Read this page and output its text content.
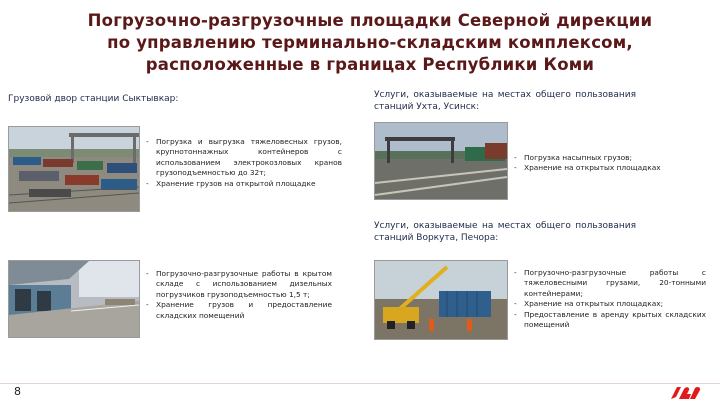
Погрузочно-разгрузочные площадки Северной дирекции
по управлению терминально-складским комплексом,
расположенные в границах Республики Коми
Грузовой двор станции Сыктывкар:
- Погрузка и выгрузка тяжеловесных грузов, крупнотоннажных контейнеров с использованием электрокозловых кранов грузоподъемностью до 32т;
- Хранение грузов на открытой площадке
- Погрузочно-разгрузочные работы в крытом складе с использованием дизельных погрузчиков грузоподъемностью 1,5 т;
- Хранение грузов и предоставление складских помещений
Услуги, оказываемые на местах общего пользования станций Ухта, Усинск:
- Погрузка насыпных грузов;
- Хранение на открытых площадках
Услуги, оказываемые на местах общего пользования станций Воркута, Печора:
- Погрузочно-разгрузочные работы с тяжеловесными грузами, 20-тонными контейнерами;
- Хранение на открытых площадках;
- Предоставление в аренду крытых складских помещений
8
